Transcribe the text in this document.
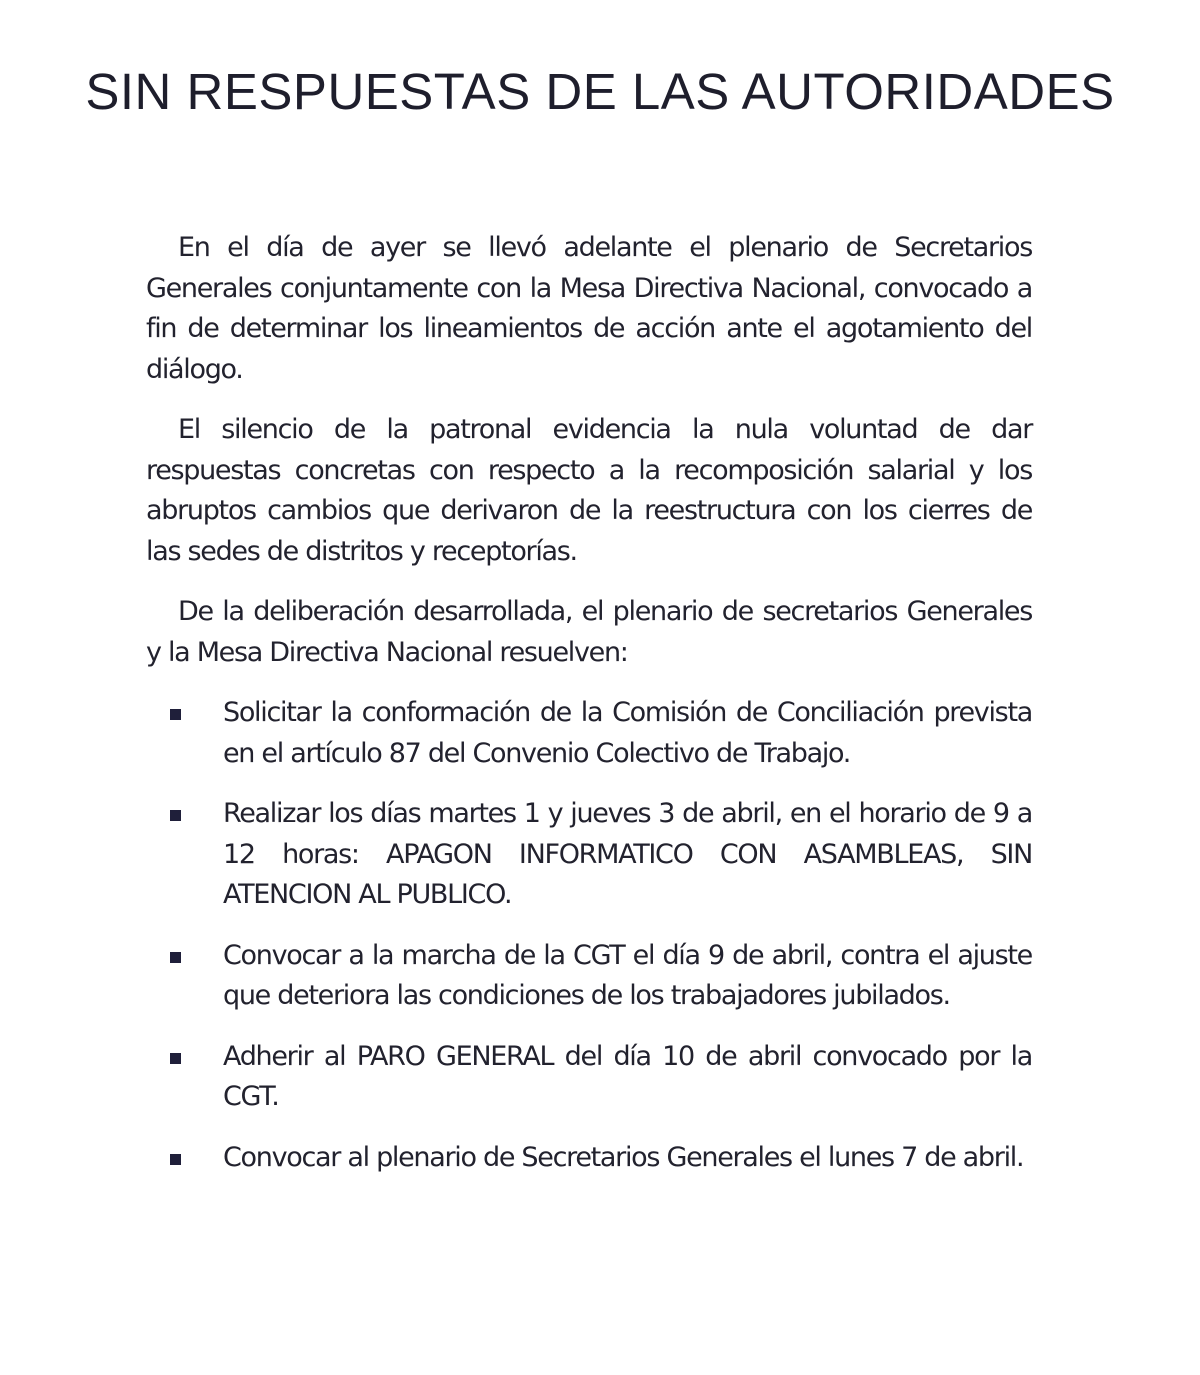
SIN RESPUESTAS DE LAS AUTORIDADES

En el día de ayer se llevó adelante el plenario de Secretarios Generales conjuntamente con la Mesa Directiva Nacional, convocado a fin de determinar los lineamientos de acción ante el agotamiento del diálogo.

El silencio de la patronal evidencia la nula voluntad de dar respuestas concretas con respecto a la recomposición salarial y los abruptos cambios que derivaron de la reestructura con los cierres de las sedes de distritos y receptorías.

De la deliberación desarrollada, el plenario de secretarios Generales y la Mesa Directiva Nacional resuelven:

Solicitar la conformación de la Comisión de Conciliación prevista en el artículo 87 del Convenio Colectivo de Trabajo.
Realizar los días martes 1 y jueves 3 de abril, en el horario de 9 a 12 horas: APAGON INFORMATICO CON ASAMBLEAS, SIN ATENCION AL PUBLICO.
Convocar a la marcha de la CGT el día 9 de abril, contra el ajuste que deteriora las condiciones de los trabajadores jubilados.
Adherir al PARO GENERAL del día 10 de abril convocado por la CGT.
Convocar al plenario de Secretarios Generales el lunes 7 de abril.
